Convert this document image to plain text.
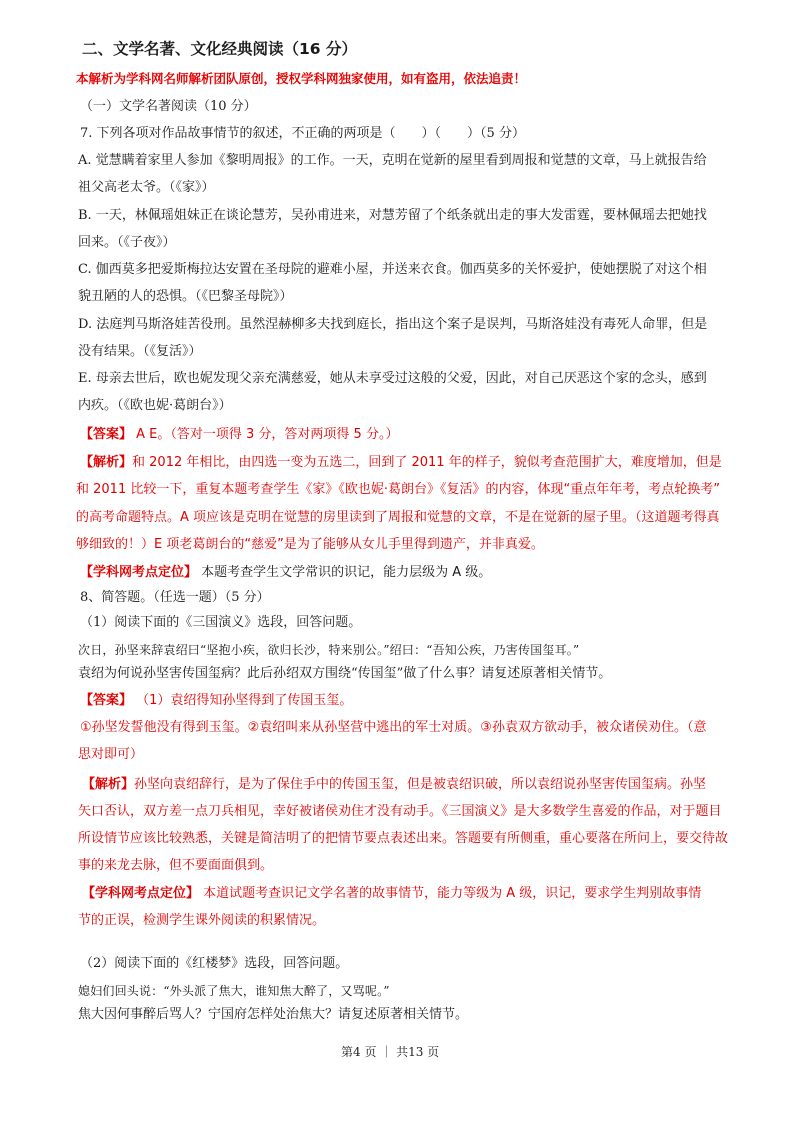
二、文学名著、文化经典阅读（16 分）
本解析为学科网名师解析团队原创，授权学科网独家使用，如有盗用，依法追责！
（一）文学名著阅读（10 分）
7. 下列各项对作品故事情节的叙述，不正确的两项是（　　）（　　）（5 分）
A. 觉慧瞒着家里人参加《黎明周报》的工作。一天，克明在觉新的屋里看到周报和觉慧的文章，马上就报告给
祖父高老太爷。（《家》）
B. 一天，林佩瑶姐妹正在谈论慧芳，吴孙甫进来，对慧芳留了个纸条就出走的事大发雷霆，要林佩瑶去把她找
回来。（《子夜》）
C. 伽西莫多把爱斯梅拉达安置在圣母院的避难小屋，并送来衣食。伽西莫多的关怀爱护，使她摆脱了对这个相
貌丑陋的人的恐惧。（《巴黎圣母院》）
D. 法庭判马斯洛娃苦役刑。虽然涅赫柳多夫找到庭长，指出这个案子是误判，马斯洛娃没有毒死人命罪，但是
没有结果。（《复活》）
E. 母亲去世后，欧也妮发现父亲充满慈爱，她从未享受过这般的父爱，因此，对自己厌恶这个家的念头，感到
内疚。（《欧也妮·葛朗台》）
【答案】 A E。（答对一项得 3 分，答对两项得 5 分。）
【解析】和 2012 年相比，由四选一变为五选二，回到了 2011 年的样子，貌似考查范围扩大，难度增加，但是
和 2011 比较一下，重复本题考查学生《家》《欧也妮·葛朗台》《复活》的内容，体现“重点年年考，考点轮换考”
的高考命题特点。A 项应该是克明在觉慧的房里读到了周报和觉慧的文章，不是在觉新的屋子里。（这道题考得真
够细致的！）E 项老葛朗台的“慈爱”是为了能够从女儿手里得到遗产，并非真爱。
【学科网考点定位】 本题考查学生文学常识的识记，能力层级为 A 级。
8、简答题。（任选一题）（5 分）
（1）阅读下面的《三国演义》选段，回答问题。
次日，孙坚来辞袁绍曰“坚抱小疾，欲归长沙，特来别公。”绍曰：“吾知公疾，乃害传国玺耳。”
袁绍为何说孙坚害传国玺病？此后孙绍双方围绕“传国玺”做了什么事？请复述原著相关情节。
【答案】 （1）袁绍得知孙坚得到了传国玉玺。
①孙坚发誓他没有得到玉玺。②袁绍叫来从孙坚营中逃出的军士对质。③孙袁双方欲动手，被众诸侯劝住。（意
思对即可）
【解析】孙坚向袁绍辞行，是为了保住手中的传国玉玺，但是被袁绍识破，所以袁绍说孙坚害传国玺病。孙坚
矢口否认，双方差一点刀兵相见，幸好被诸侯劝住才没有动手。《三国演义》是大多数学生喜爱的作品，对于题目
所设情节应该比较熟悉，关键是简洁明了的把情节要点表述出来。答题要有所侧重，重心要落在所问上，要交待故
事的来龙去脉，但不要面面俱到。
【学科网考点定位】 本道试题考查识记文学名著的故事情节，能力等级为 A 级，识记，要求学生判别故事情
节的正误，检测学生课外阅读的积累情况。
（2）阅读下面的《红楼梦》选段，回答问题。
媳妇们回头说：“外头派了焦大，谁知焦大醉了，又骂呢。”
焦大因何事醉后骂人？宁国府怎样处治焦大？请复述原著相关情节。
第4 页 ｜ 共13 页
